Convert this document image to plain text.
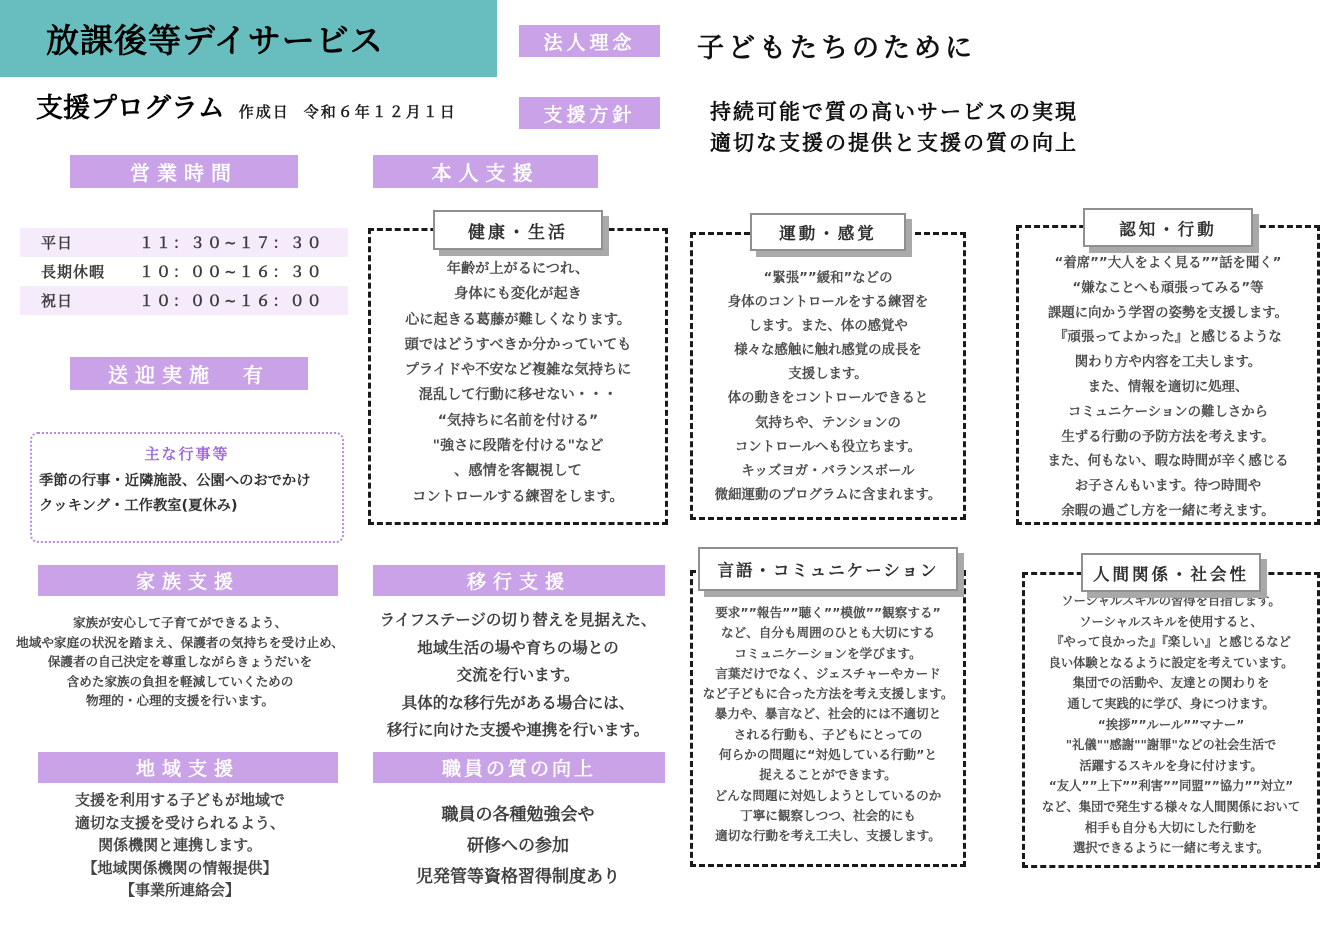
放課後等デイサービス
支援プログラム 作成日 令和６年１２月１日
法人理念	子どもたちのために
支援方針	持続可能で質の高いサービスの実現
適切な支援の提供と支援の質の向上
営業時間
平日	１１：３０~１７：３０
長期休暇	１０：００~１６：３０
祝日	１０：００~１６：００
送迎実施　有
主な行事等
季節の行事・近隣施設、公園へのおでかけ
クッキング・工作教室(夏休み)
家族支援
家族が安心して子育てができるよう、
地域や家庭の状況を踏まえ、保護者の気持ちを受け止め、
保護者の自己決定を尊重しながらきょうだいを
含めた家族の負担を軽減していくための
物理的・心理的支援を行います。
地域支援
支援を利用する子どもが地域で
適切な支援を受けられるよう、
関係機関と連携します。
【地域関係機関の情報提供】
【事業所連絡会】
本人支援
健康・生活
年齢が上がるにつれ、
身体にも変化が起き
心に起きる葛藤が難しくなります。
頭ではどうすべきか分かっていても
プライドや不安など複雑な気持ちに
混乱して行動に移せない・・・
“気持ちに名前を付ける”
"強さに段階を付ける"など
、感情を客観視して
コントロールする練習をします。
移行支援
ライフステージの切り替えを見据えた、
地域生活の場や育ちの場との
交流を行います。
具体的な移行先がある場合には、
移行に向けた支援や連携を行います。
職員の質の向上
職員の各種勉強会や
研修への参加
児発管等資格習得制度あり
運動・感覚
“緊張””緩和”などの
身体のコントロールをする練習を
します。また、体の感覚や
様々な感触に触れ感覚の成長を
支援します。
体の動きをコントロールできると
気持ちや、テンションの
コントロールへも役立ちます。
キッズヨガ・バランスボール
微細運動のプログラムに含まれます。
言語・コミュニケーション
要求””報告””聴く””模倣””観察する”
など、自分も周囲のひとも大切にする
コミュニケーションを学びます。
言葉だけでなく、ジェスチャーやカード
など子どもに合った方法を考え支援します。
暴力や、暴言など、社会的には不適切と
される行動も、子どもにとっての
何らかの問題に“対処している行動”と
捉えることができます。
どんな問題に対処しようとしているのか
丁寧に観察しつつ、社会的にも
適切な行動を考え工夫し、支援します。
認知・行動
“着席””大人をよく見る””話を聞く”
“嫌なことへも頑張ってみる”等
課題に向かう学習の姿勢を支援します。
『頑張ってよかった』と感じるような
関わり方や内容を工夫します。
また、情報を適切に処理、
コミュニケーションの難しさから
生ずる行動の予防方法を考えます。
また、何もない、暇な時間が辛く感じる
お子さんもいます。待つ時間や
余暇の過ごし方を一緒に考えます。
人間関係・社会性
ソーシャルスキルの習得を目指します。
ソーシャルスキルを使用すると、
『やって良かった』『楽しい』と感じるなど
良い体験となるように設定を考えています。
集団での活動や、友達との関わりを
通して実践的に学び、身につけます。
“挨拶””ルール””マナー”
"礼儀""感謝""謝罪"などの社会生活で
活躍するスキルを身に付けます。
“友人””上下””利害””同盟””協力””対立”
など、集団で発生する様々な人間関係において
相手も自分も大切にした行動を
選択できるように一緒に考えます。
